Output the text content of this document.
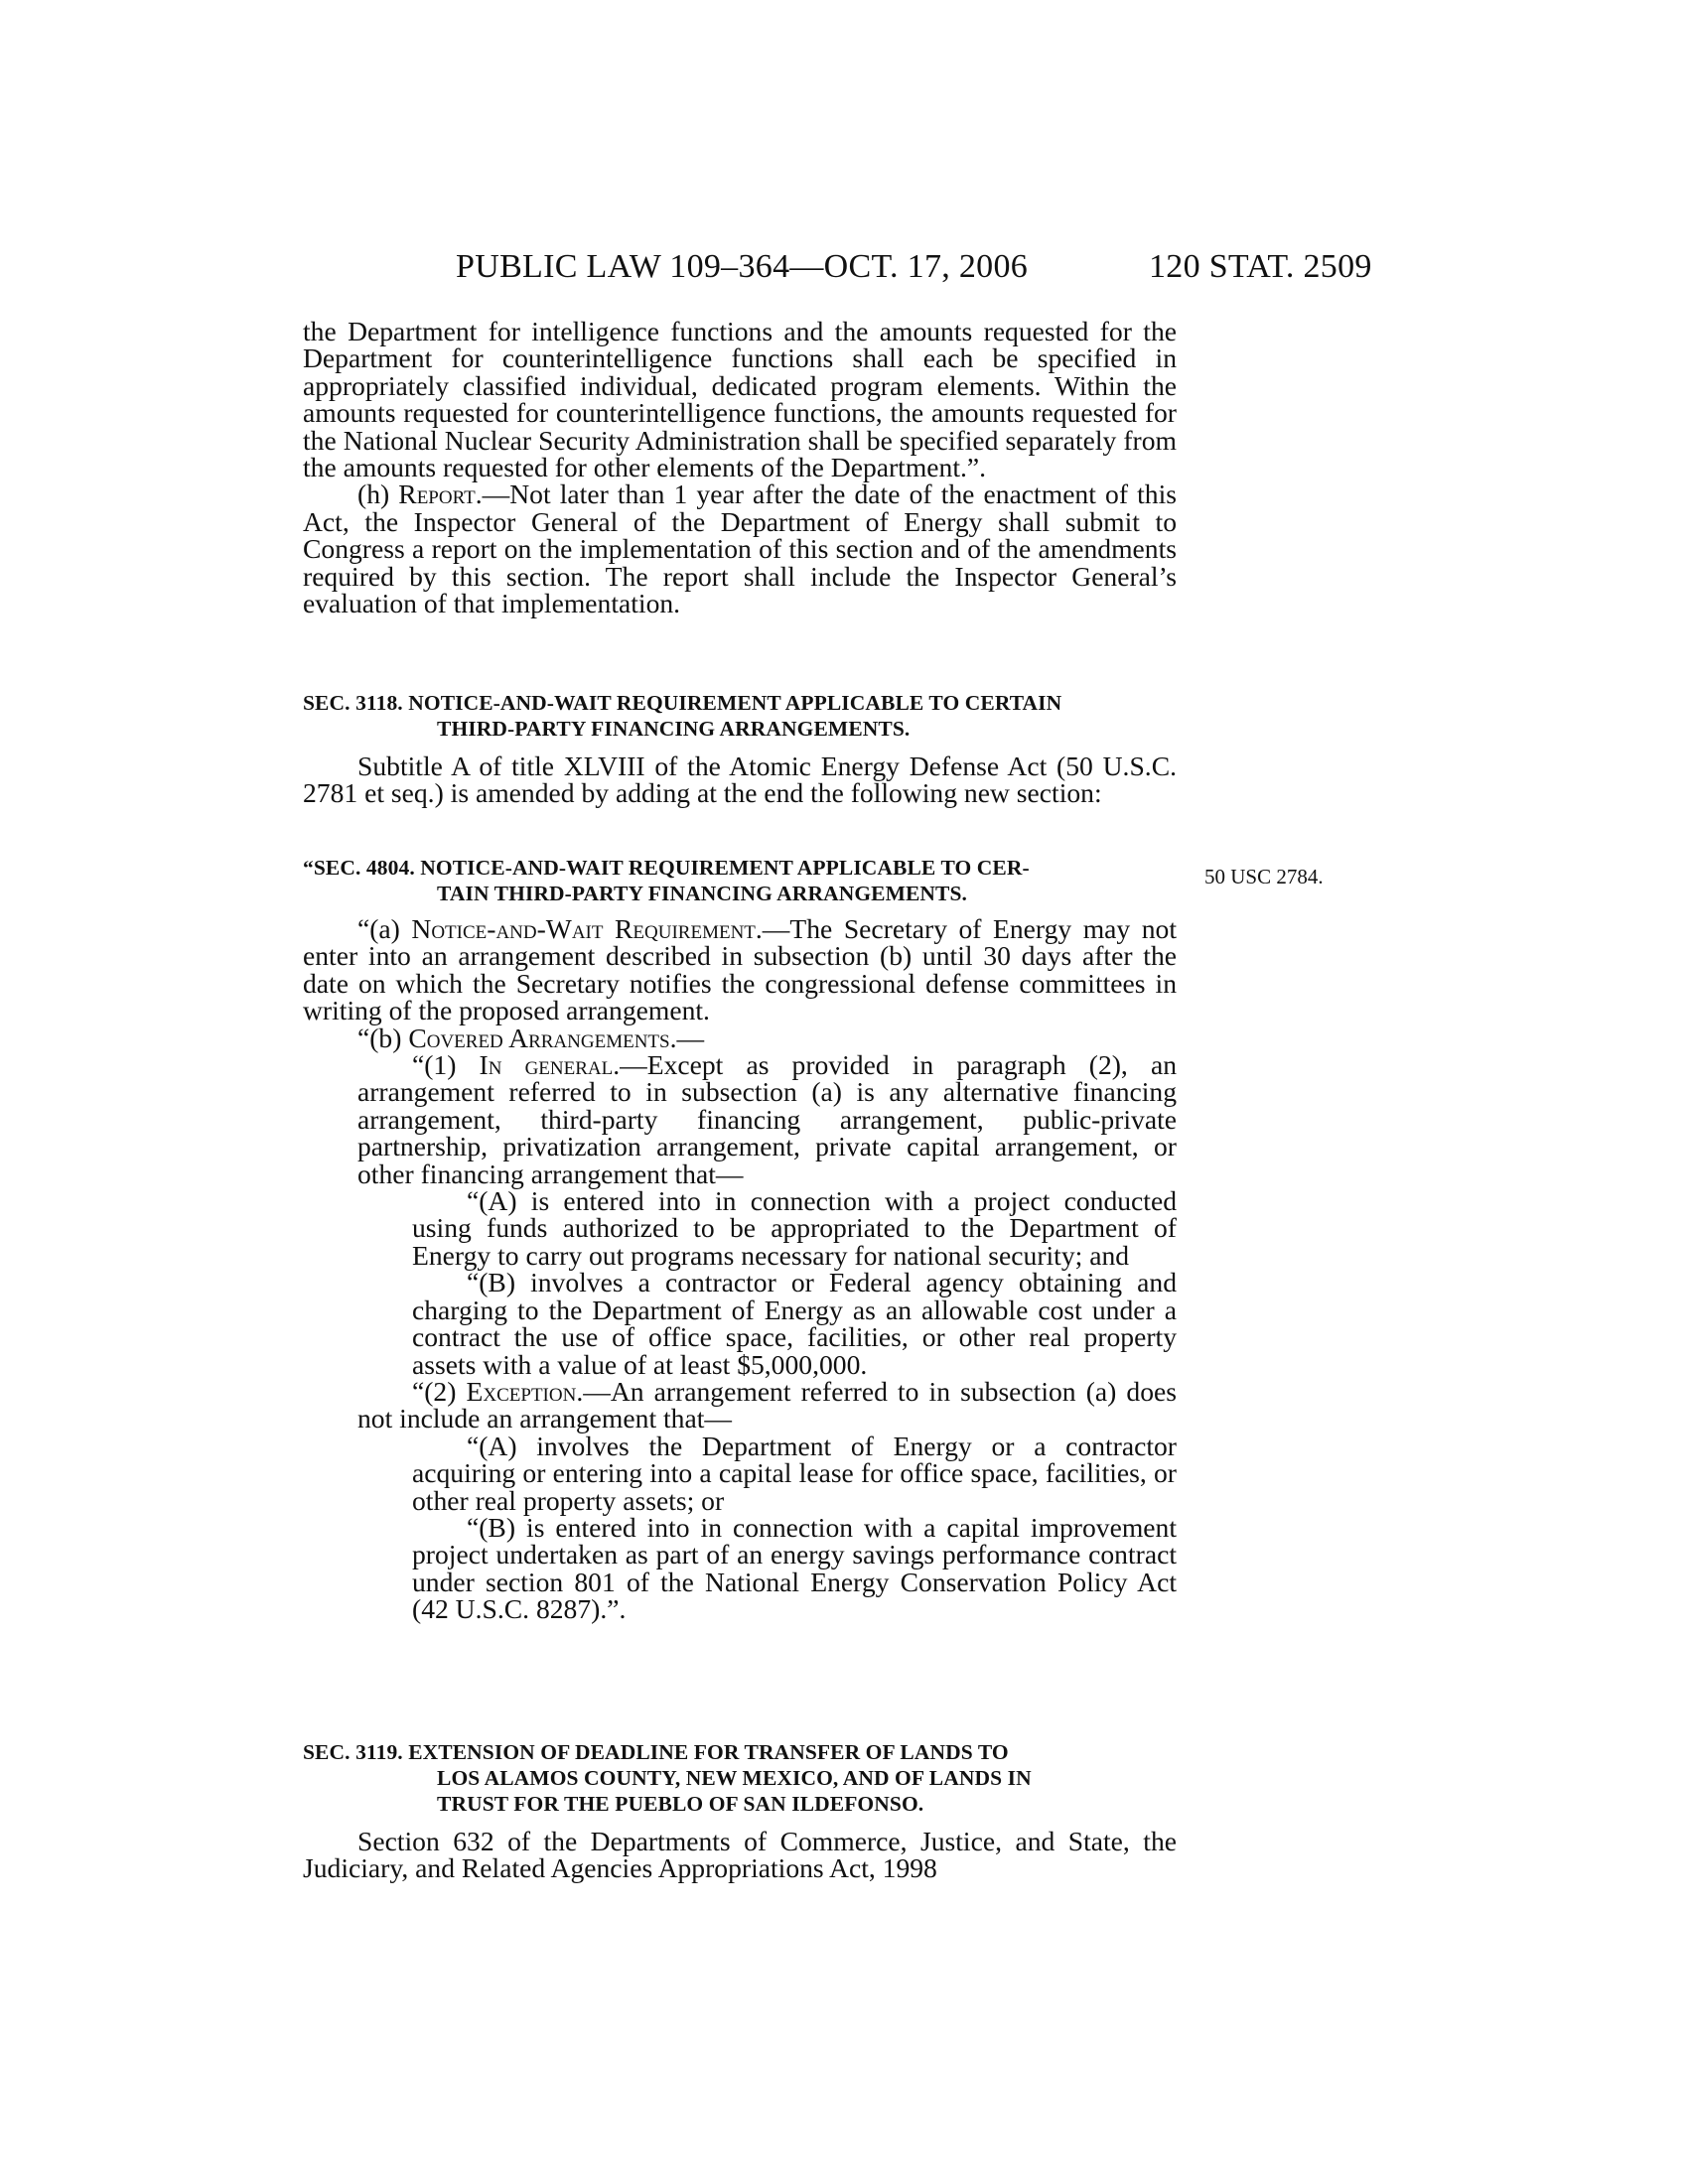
PUBLIC LAW 109–364—OCT. 17, 2006	120 STAT. 2509
50 USC 2784.

the Department for intelligence functions and the amounts requested for the Department for counterintelligence functions shall each be specified in appropriately classified individual, dedicated program elements. Within the amounts requested for counterintelligence functions, the amounts requested for the National Nuclear Security Administration shall be specified separately from the amounts requested for other elements of the Department.”.

(h) Report.—Not later than 1 year after the date of the enactment of this Act, the Inspector General of the Department of Energy shall submit to Congress a report on the implementation of this section and of the amendments required by this section. The report shall include the Inspector General’s evaluation of that implementation.

SEC. 3118. NOTICE-AND-WAIT REQUIREMENT APPLICABLE TO CERTAIN
THIRD-PARTY FINANCING ARRANGEMENTS.

Subtitle A of title XLVIII of the Atomic Energy Defense Act (50 U.S.C. 2781 et seq.) is amended by adding at the end the following new section:

“SEC. 4804. NOTICE-AND-WAIT REQUIREMENT APPLICABLE TO CER-
TAIN THIRD-PARTY FINANCING ARRANGEMENTS.

“(a) Notice-and-Wait Requirement.—The Secretary of Energy may not enter into an arrangement described in subsection (b) until 30 days after the date on which the Secretary notifies the congressional defense committees in writing of the proposed arrangement.

“(b) Covered Arrangements.—

“(1) In general.—Except as provided in paragraph (2), an arrangement referred to in subsection (a) is any alternative financing arrangement, third-party financing arrangement, public-private partnership, privatization arrangement, private capital arrangement, or other financing arrangement that—

“(A) is entered into in connection with a project conducted using funds authorized to be appropriated to the Department of Energy to carry out programs necessary for national security; and

“(B) involves a contractor or Federal agency obtaining and charging to the Department of Energy as an allowable cost under a contract the use of office space, facilities, or other real property assets with a value of at least $5,000,000.

“(2) Exception.—An arrangement referred to in subsection (a) does not include an arrangement that—

“(A) involves the Department of Energy or a contractor acquiring or entering into a capital lease for office space, facilities, or other real property assets; or

“(B) is entered into in connection with a capital improvement project undertaken as part of an energy savings performance contract under section 801 of the National Energy Conservation Policy Act (42 U.S.C. 8287).”.

SEC. 3119. EXTENSION OF DEADLINE FOR TRANSFER OF LANDS TO
LOS ALAMOS COUNTY, NEW MEXICO, AND OF LANDS IN
TRUST FOR THE PUEBLO OF SAN ILDEFONSO.

Section 632 of the Departments of Commerce, Justice, and State, the Judiciary, and Related Agencies Appropriations Act, 1998
